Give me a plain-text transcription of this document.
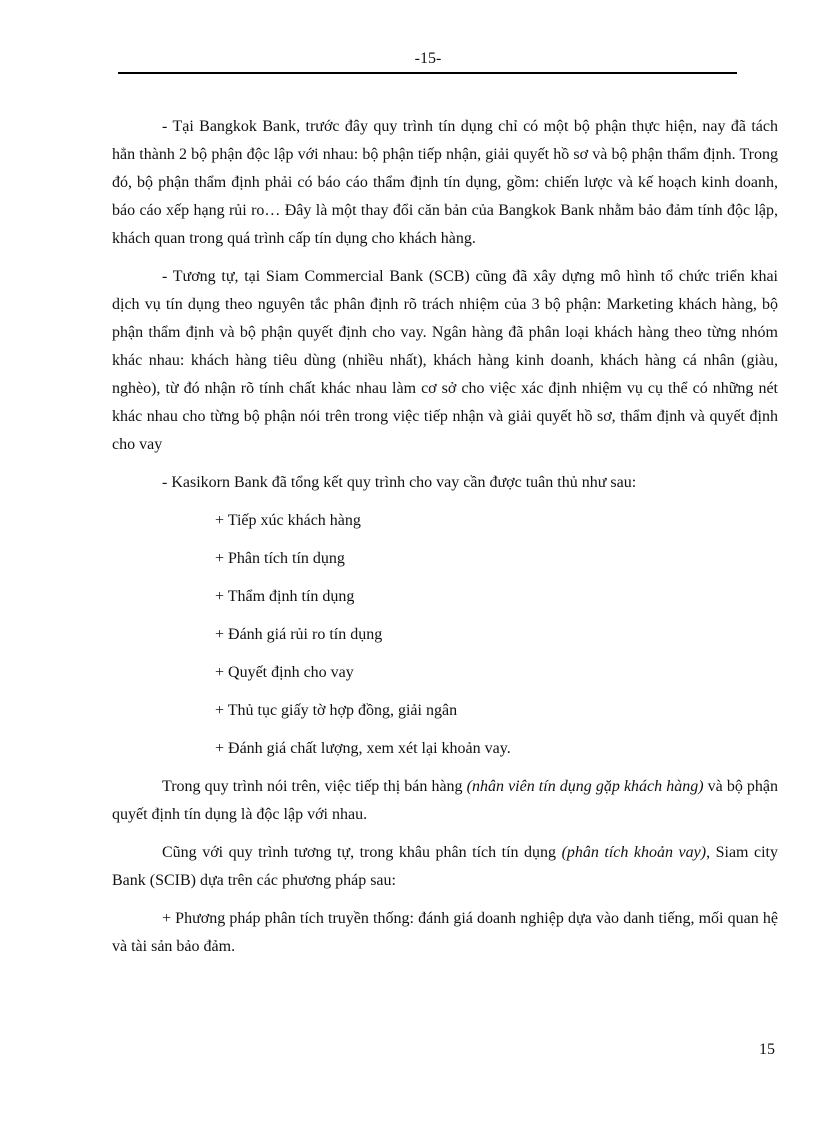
-15-

- Tại Bangkok Bank, trước đây quy trình tín dụng chỉ có một bộ phận thực hiện, nay đã tách hẳn thành 2 bộ phận độc lập với nhau: bộ phận tiếp nhận, giải quyết hồ sơ và bộ phận thẩm định. Trong đó, bộ phận thẩm định phải có báo cáo thẩm định tín dụng, gồm: chiến lược và kế hoạch kinh doanh, báo cáo xếp hạng rủi ro… Đây là một thay đổi căn bản của Bangkok Bank nhằm bảo đảm tính độc lập, khách quan trong quá trình cấp tín dụng cho khách hàng.

- Tương tự, tại Siam Commercial Bank (SCB) cũng đã xây dựng mô hình tổ chức triển khai dịch vụ tín dụng theo nguyên tắc phân định rõ trách nhiệm của 3 bộ phận: Marketing khách hàng, bộ phận thẩm định và bộ phận quyết định cho vay. Ngân hàng đã phân loại khách hàng theo từng nhóm khác nhau: khách hàng tiêu dùng (nhiều nhất), khách hàng kinh doanh, khách hàng cá nhân (giàu, nghèo), từ đó nhận rõ tính chất khác nhau làm cơ sở cho việc xác định nhiệm vụ cụ thể có những nét khác nhau cho từng bộ phận nói trên trong việc tiếp nhận và giải quyết hồ sơ, thẩm định và quyết định cho vay

- Kasikorn Bank đã tổng kết quy trình cho vay cần được tuân thủ như sau:

+ Tiếp xúc khách hàng
+ Phân tích tín dụng
+ Thẩm định tín dụng
+ Đánh giá rủi ro tín dụng
+ Quyết định cho vay
+ Thủ tục giấy tờ hợp đồng, giải ngân
+ Đánh giá chất lượng, xem xét lại khoản vay.

Trong quy trình nói trên, việc tiếp thị bán hàng (nhân viên tín dụng gặp khách hàng) và bộ phận quyết định tín dụng là độc lập với nhau.

Cũng với quy trình tương tự, trong khâu phân tích tín dụng (phân tích khoản vay), Siam city Bank (SCIB) dựa trên các phương pháp sau:

+ Phương pháp phân tích truyền thống: đánh giá doanh nghiệp dựa vào danh tiếng, mối quan hệ và tài sản bảo đảm.

15
